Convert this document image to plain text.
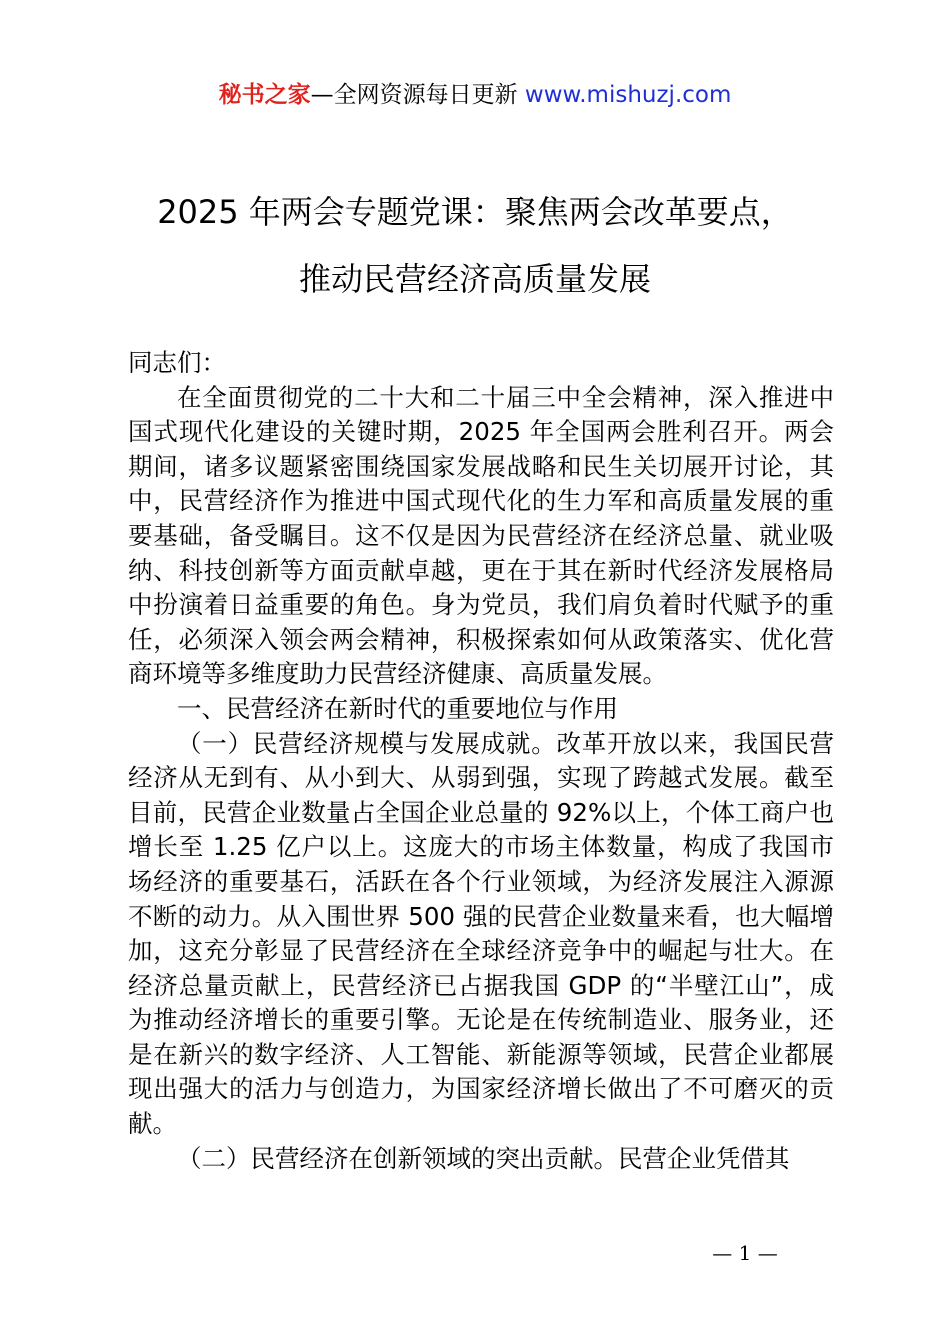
秘书之家—全网资源每日更新 www.mishuzj.com
2025 年两会专题党课：聚焦两会改革要点，
推动民营经济高质量发展

同志们：

在全面贯彻党的二十大和二十届三中全会精神，深入推进中国式现代化建设的关键时期，2025 年全国两会胜利召开。两会期间，诸多议题紧密围绕国家发展战略和民生关切展开讨论，其中，民营经济作为推进中国式现代化的生力军和高质量发展的重要基础，备受瞩目。这不仅是因为民营经济在经济总量、就业吸纳、科技创新等方面贡献卓越，更在于其在新时代经济发展格局中扮演着日益重要的角色。身为党员，我们肩负着时代赋予的重任，必须深入领会两会精神，积极探索如何从政策落实、优化营商环境等多维度助力民营经济健康、高质量发展。

一、民营经济在新时代的重要地位与作用

（一）民营经济规模与发展成就。改革开放以来，我国民营经济从无到有、从小到大、从弱到强，实现了跨越式发展。截至目前，民营企业数量占全国企业总量的 92%以上，个体工商户也增长至 1.25 亿户以上。这庞大的市场主体数量，构成了我国市场经济的重要基石，活跃在各个行业领域，为经济发展注入源源不断的动力。从入围世界 500 强的民营企业数量来看，也大幅增加，这充分彰显了民营经济在全球经济竞争中的崛起与壮大。在经济总量贡献上，民营经济已占据我国 GDP 的“半壁江山”，成为推动经济增长的重要引擎。无论是在传统制造业、服务业，还是在新兴的数字经济、人工智能、新能源等领域，民营企业都展现出强大的活力与创造力，为国家经济增长做出了不可磨灭的贡献。

（二）民营经济在创新领域的突出贡献。民营企业凭借其

— 1 —
